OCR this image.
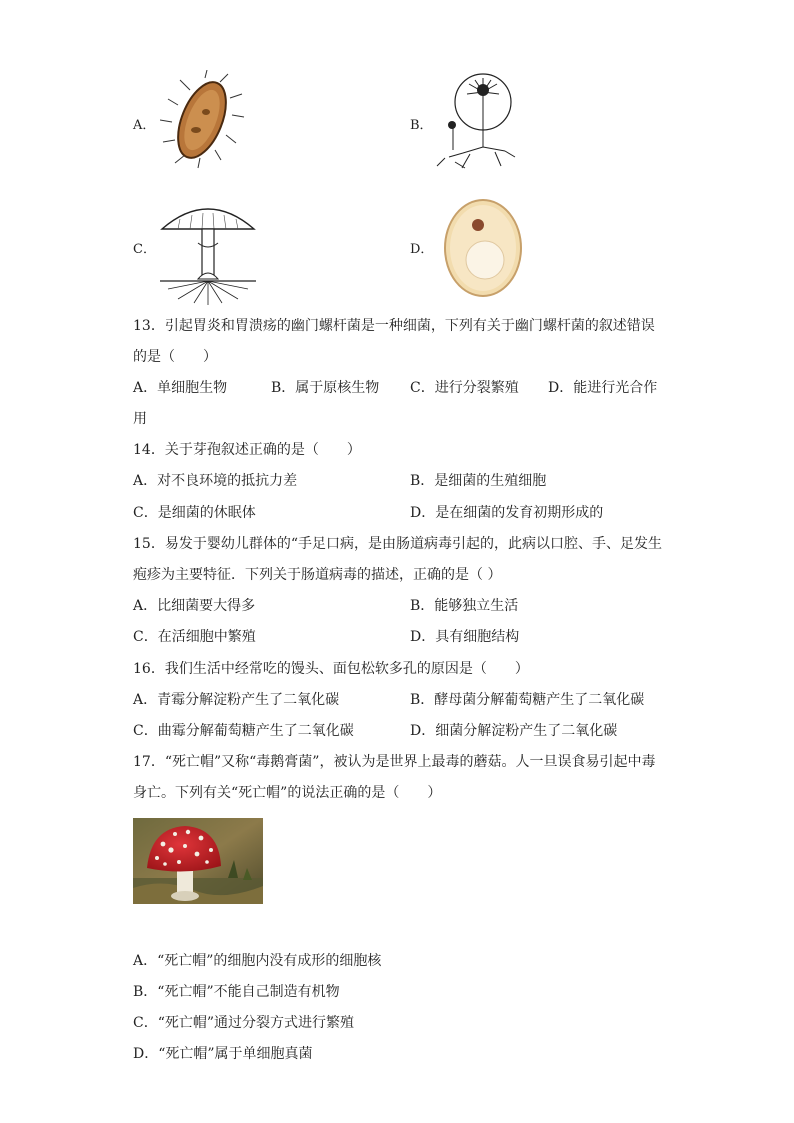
A．	B．
C．	D．
13．引起胃炎和胃溃疡的幽门螺杆菌是一种细菌，下列有关于幽门螺杆菌的叙述错误
的是（　　）
A．单细胞生物	B．属于原核生物 C．进行分裂繁殖 D．能进行光合作
用
14．关于芽孢叙述正确的是（　　）
A．对不良环境的抵抗力差	B．是细菌的生殖细胞
C．是细菌的休眠体	D．是在细菌的发育初期形成的
15．易发于婴幼儿群体的“手足口病，是由肠道病毒引起的，此病以口腔、手、足发生
疱疹为主要特征．下列关于肠道病毒的描述，正确的是（ ）
A．比细菌要大得多	B．能够独立生活
C．在活细胞中繁殖	D．具有细胞结构
16．我们生活中经常吃的馒头、面包松软多孔的原因是（　　）
A．青霉分解淀粉产生了二氧化碳	B．酵母菌分解葡萄糖产生了二氧化碳
C．曲霉分解葡萄糖产生了二氧化碳	D．细菌分解淀粉产生了二氧化碳
17．“死亡帽”又称“毒鹅膏菌”，被认为是世界上最毒的蘑菇。人一旦误食易引起中毒
身亡。下列有关“死亡帽”的说法正确的是（　　）
A．“死亡帽”的细胞内没有成形的细胞核
B．“死亡帽”不能自己制造有机物
C．“死亡帽”通过分裂方式进行繁殖
D．“死亡帽”属于单细胞真菌
